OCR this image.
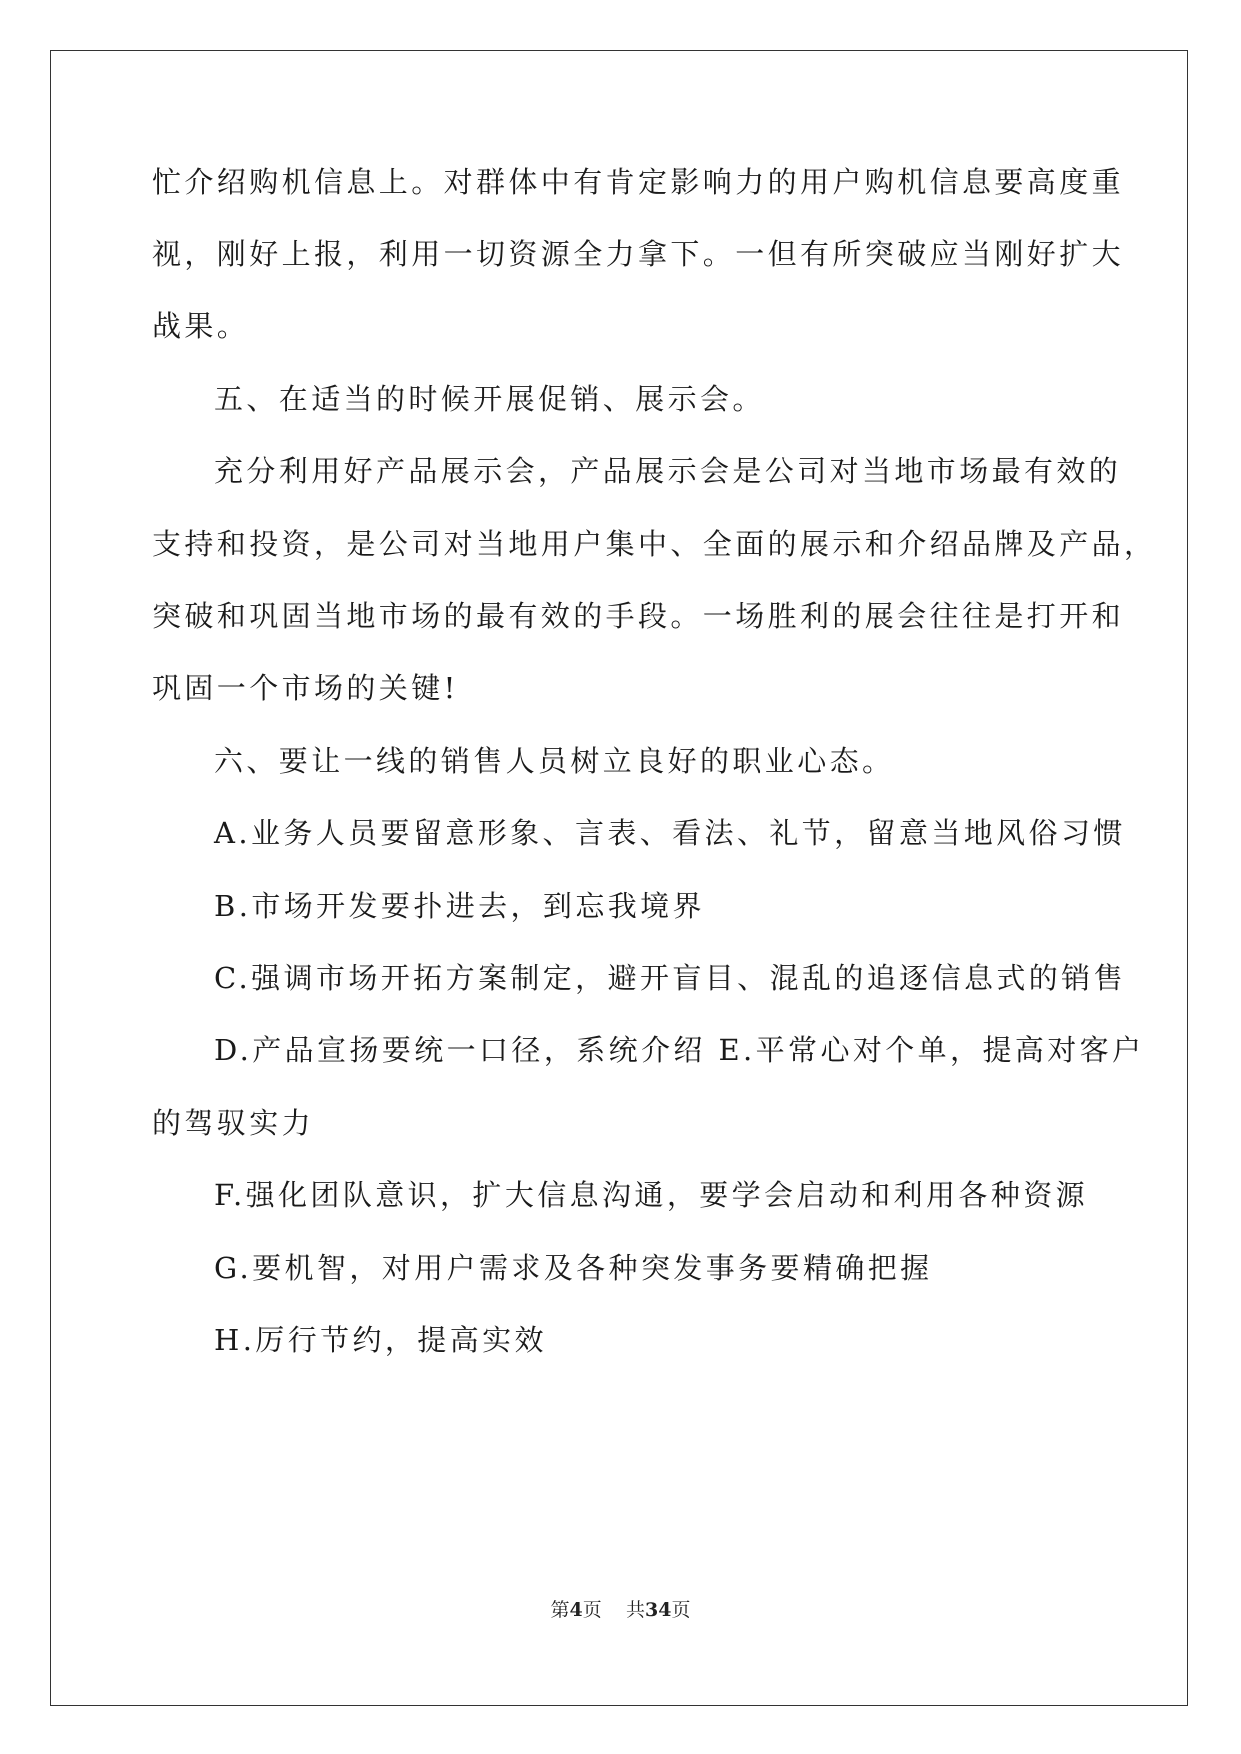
忙介绍购机信息上。对群体中有肯定影响力的用户购机信息要高度重
视，刚好上报，利用一切资源全力拿下。一但有所突破应当刚好扩大
战果。
五、在适当的时候开展促销、展示会。
充分利用好产品展示会，产品展示会是公司对当地市场最有效的
支持和投资，是公司对当地用户集中、全面的展示和介绍品牌及产品，
突破和巩固当地市场的最有效的手段。一场胜利的展会往往是打开和
巩固一个市场的关键!
六、要让一线的销售人员树立良好的职业心态。
A.业务人员要留意形象、言表、看法、礼节，留意当地风俗习惯
B.市场开发要扑进去，到忘我境界
C.强调市场开拓方案制定，避开盲目、混乱的追逐信息式的销售
D.产品宣扬要统一口径，系统介绍 E.平常心对个单，提高对客户
的驾驭实力
F.强化团队意识，扩大信息沟通，要学会启动和利用各种资源
G.要机智，对用户需求及各种突发事务要精确把握
H.厉行节约，提高实效
第4页 共34页
